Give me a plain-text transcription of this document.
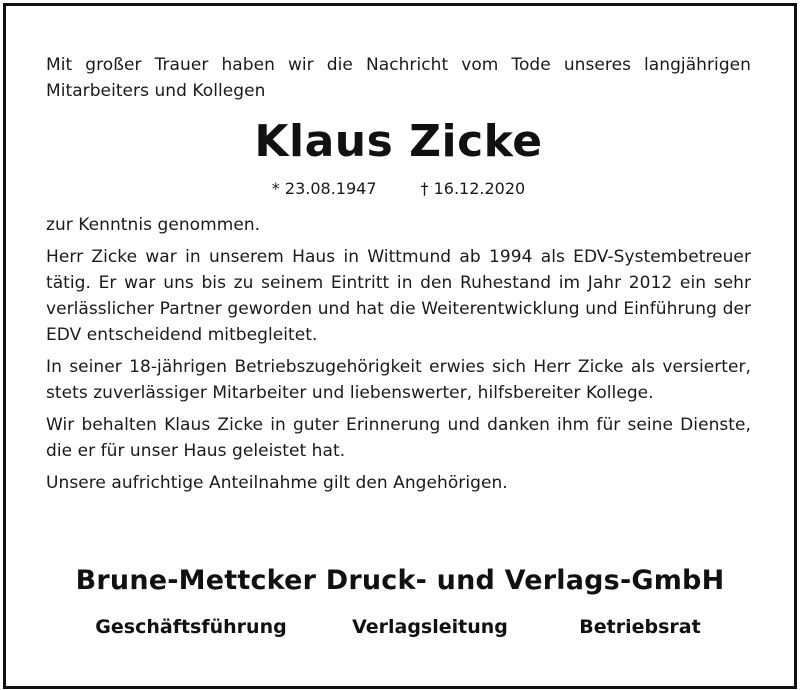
Mit großer Trauer haben wir die Nachricht vom Tode unseres langjährigen Mitarbeiters und Kollegen

Klaus Zicke
* 23.08.1947	† 16.12.2020

zur Kenntnis genommen.

Herr Zicke war in unserem Haus in Wittmund ab 1994 als EDV-Systembetreuer tätig. Er war uns bis zu seinem Eintritt in den Ruhestand im Jahr 2012 ein sehr verlässlicher Partner geworden und hat die Weiterentwicklung und Einführung der EDV entscheidend mitbegleitet.

In seiner 18-jährigen Betriebszugehörigkeit erwies sich Herr Zicke als versierter, stets zuverlässiger Mitarbeiter und liebenswerter, hilfsbereiter Kollege.

Wir behalten Klaus Zicke in guter Erinnerung und danken ihm für seine Dienste, die er für unser Haus geleistet hat.

Unsere aufrichtige Anteilnahme gilt den Angehörigen.

Brune-Mettcker Druck- und Verlags-GmbH
Geschäftsführung	Verlagsleitung	Betriebsrat
